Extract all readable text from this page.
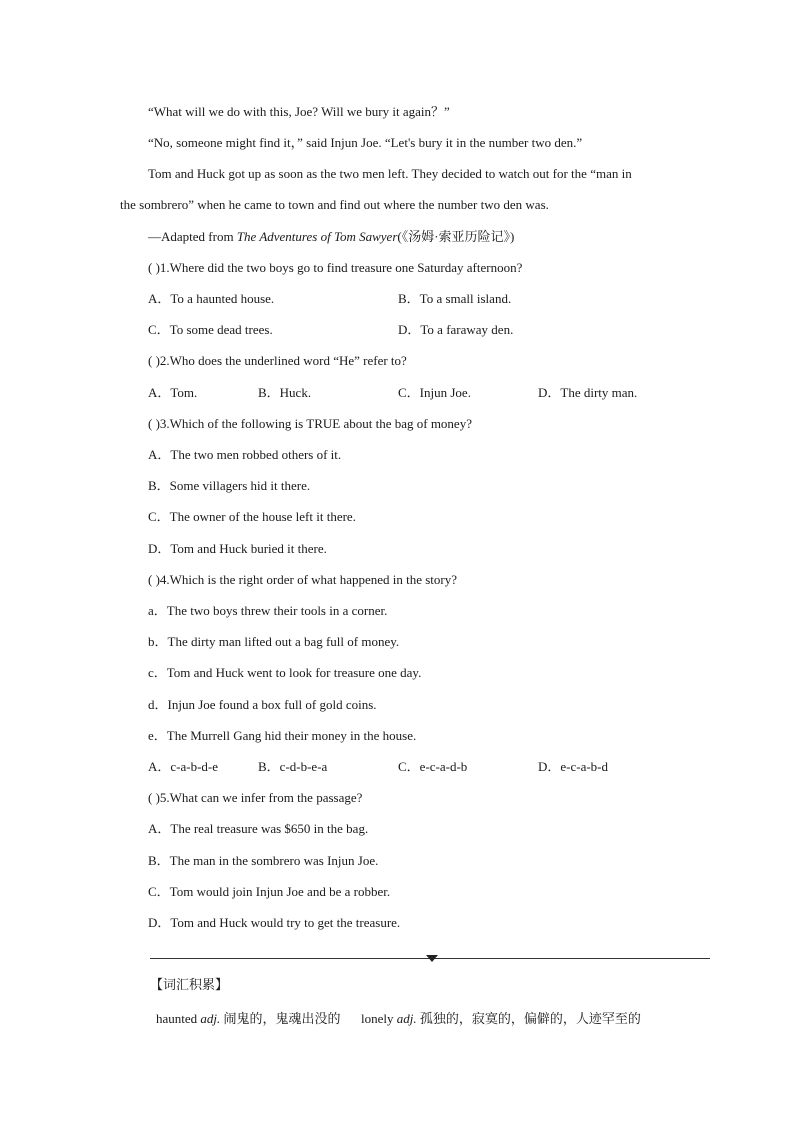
“What will we do with this, Joe? Will we bury it again？”
“No, someone might find it，” said Injun Joe. “Let's bury it in the number two den.”
Tom and Huck got up as soon as the two men left. They decided to watch out for the “man in
the sombrero” when he came to town and find out where the number two den was.
—Adapted from The Adventures of Tom Sawyer(《汤姆·索亚历险记》)
( )1.Where did the two boys go to find treasure one Saturday afternoon?
A．To a haunted house.	B．To a small island.
C．To some dead trees.	D．To a faraway den.
( )2.Who does the underlined word “He” refer to?
A．Tom.	B．Huck.	C．Injun Joe.	D．The dirty man.
( )3.Which of the following is TRUE about the bag of money?
A．The two men robbed others of it.
B．Some villagers hid it there.
C．The owner of the house left it there.
D．Tom and Huck buried it there.
( )4.Which is the right order of what happened in the story?
a．The two boys threw their tools in a corner.
b．The dirty man lifted out a bag full of money.
c．Tom and Huck went to look for treasure one day.
d．Injun Joe found a box full of gold coins.
e．The Murrell Gang hid their money in the house.
A．c-a-b-d-e	B．c-d-b-e-a	C．e-c-a-d-b	D．e-c-a-b-d
( )5.What can we infer from the passage?
A．The real treasure was $650 in the bag.
B．The man in the sombrero was Injun Joe.
C．Tom would join Injun Joe and be a robber.
D．Tom and Huck would try to get the treasure.
【词汇积累】
haunted adj. 闹鬼的，鬼魂出没的 lonely adj. 孤独的，寂寞的，偏僻的，人迹罕至的
